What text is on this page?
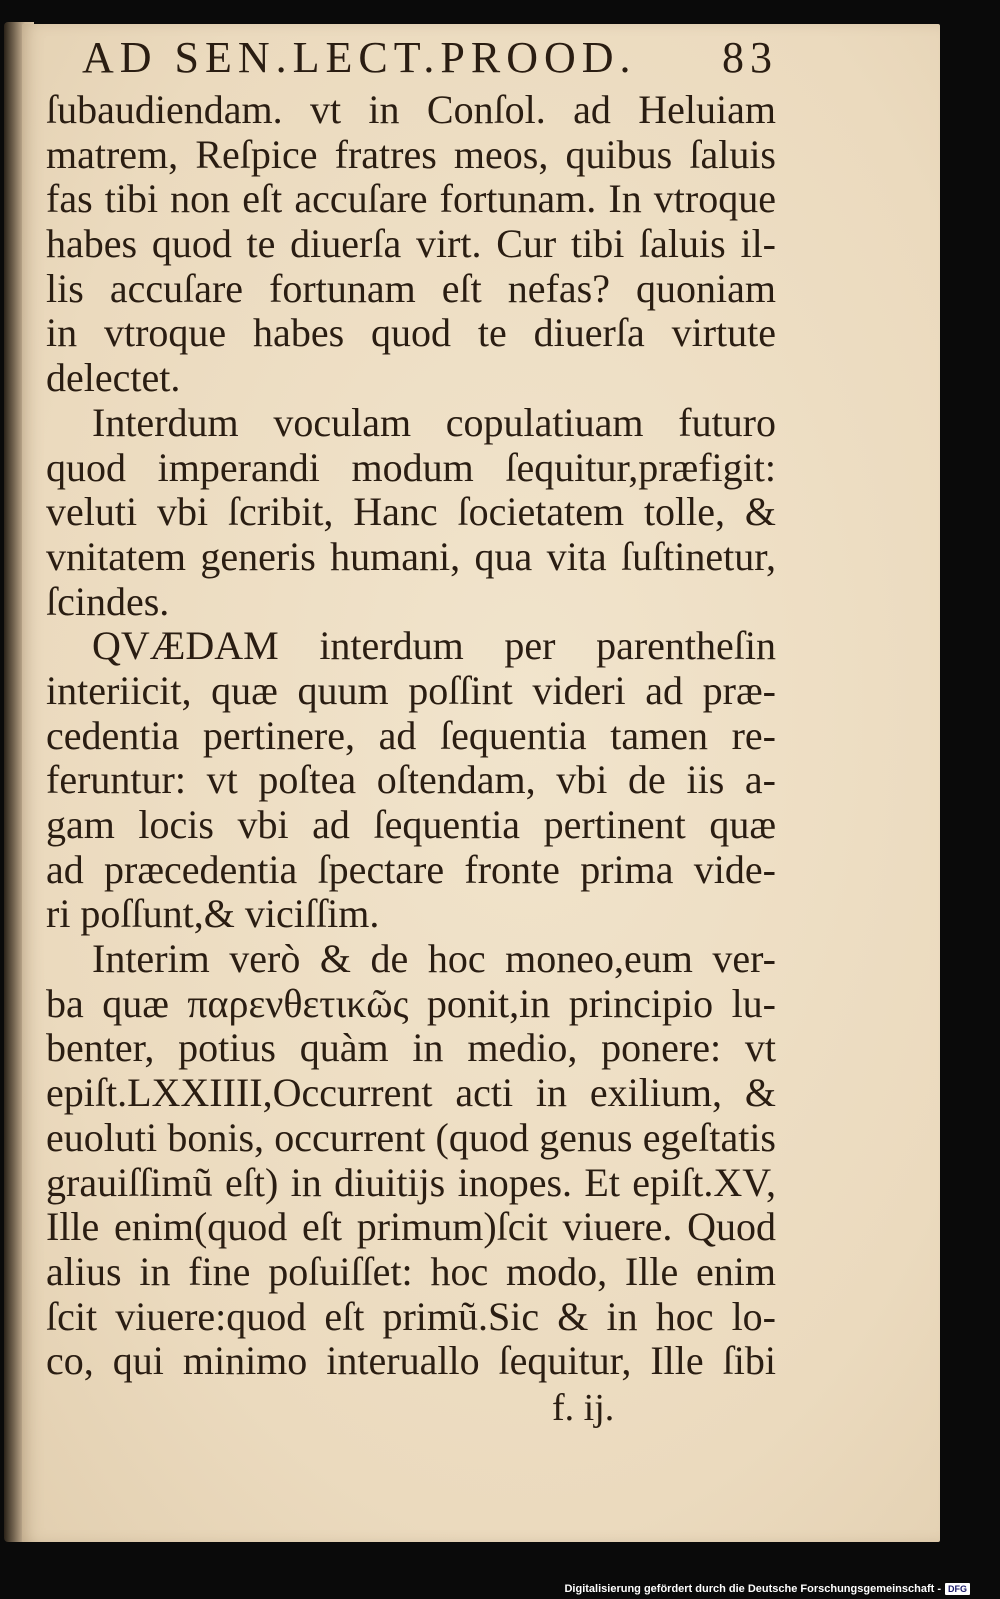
AD SEN.LECT.PROOD. 83
ſubaudiendam. vt in Conſol. ad Heluiam
matrem, Reſpice fratres meos, quibus ſaluis
fas tibi non eſt accuſare fortunam. In vtroque
habes quod te diuerſa virt. Cur tibi ſaluis il-
lis accuſare fortunam eſt nefas? quoniam
in vtroque habes quod te diuerſa virtute
delectet.
Interdum voculam copulatiuam futuro
quod imperandi modum ſequitur,præfigit:
veluti vbi ſcribit, Hanc ſocietatem tolle, &
vnitatem generis humani, qua vita ſuſtinetur,
ſcindes.
QVÆDAM interdum per parentheſin
interiicit, quæ quum poſſint videri ad præ-
cedentia pertinere, ad ſequentia tamen re-
feruntur: vt poſtea oſtendam, vbi de iis a-
gam locis vbi ad ſequentia pertinent quæ
ad præcedentia ſpectare fronte prima vide-
ri poſſunt,& viciſſim.
Interim verò & de hoc moneo,eum ver-
ba quæ παρενθετικῶς ponit,in principio lu-
benter, potius quàm in medio, ponere: vt
epiſt.LXXIIII,Occurrent acti in exilium, &
euoluti bonis, occurrent (quod genus egeſtatis
grauiſſimũ eſt) in diuitijs inopes. Et epiſt.XV,
Ille enim(quod eſt primum)ſcit viuere. Quod
alius in fine poſuiſſet: hoc modo, Ille enim
ſcit viuere:quod eſt primũ.Sic & in hoc lo-
co, qui minimo interuallo ſequitur, Ille ſibi
f. ij.
Digitalisierung gefördert durch die Deutsche Forschungsgemeinschaft - DFG
